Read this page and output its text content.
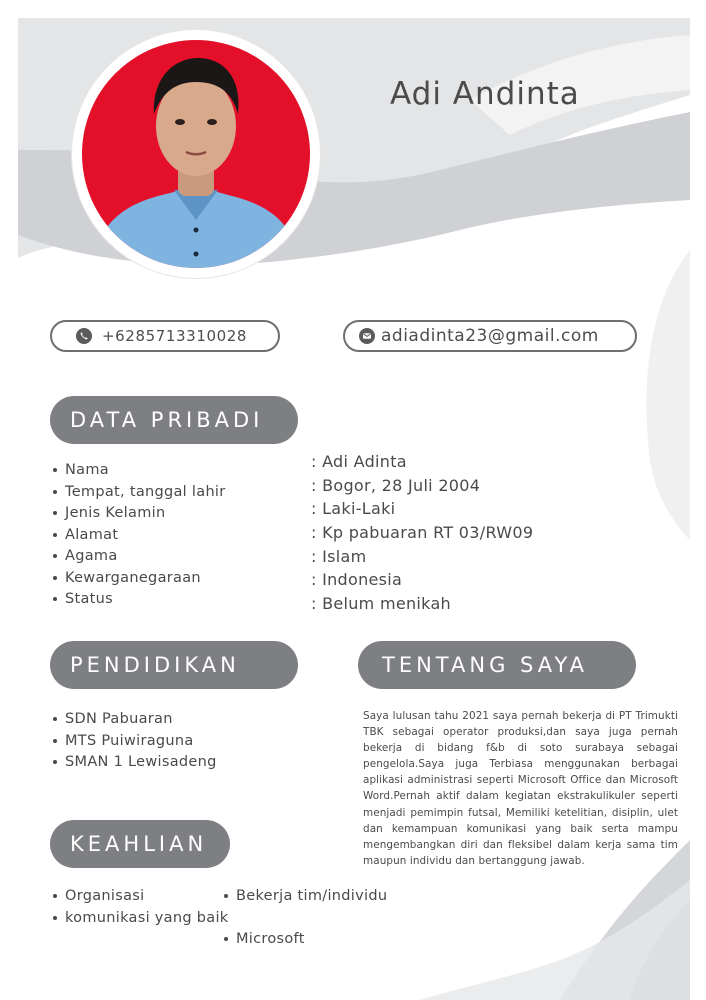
Adi Andinta
+6285713310028	adiadinta23@gmail.com
DATA PRIBADI
Nama
Tempat, tanggal lahir
Jenis Kelamin
Alamat
Agama
Kewarganegaraan
Status
: Adi Adinta
: Bogor, 28 Juli 2004
: Laki-Laki
: Kp pabuaran RT 03/RW09
: Islam
: Indonesia
: Belum menikah
PENDIDIKAN
SDN Pabuaran
MTS Puiwiraguna
SMAN 1 Lewisadeng
TENTANG SAYA
Saya lulusan tahu 2021 saya pernah bekerja di PT Trimukti TBK sebagai operator produksi,dan saya juga pernah bekerja di bidang f&b di soto surabaya sebagai pengelola.Saya juga Terbiasa menggunakan berbagai aplikasi administrasi seperti Microsoft Office dan Microsoft Word.Pernah aktif dalam kegiatan ekstrakulikuler seperti menjadi pemimpin futsal, Memiliki ketelitian, disiplin, ulet dan kemampuan komunikasi yang baik serta mampu mengembangkan diri dan fleksibel dalam kerja sama tim maupun individu dan bertanggung jawab.
KEAHLIAN
Organisasi
komunikasi yang baik
Bekerja tim/individu
Microsoft
